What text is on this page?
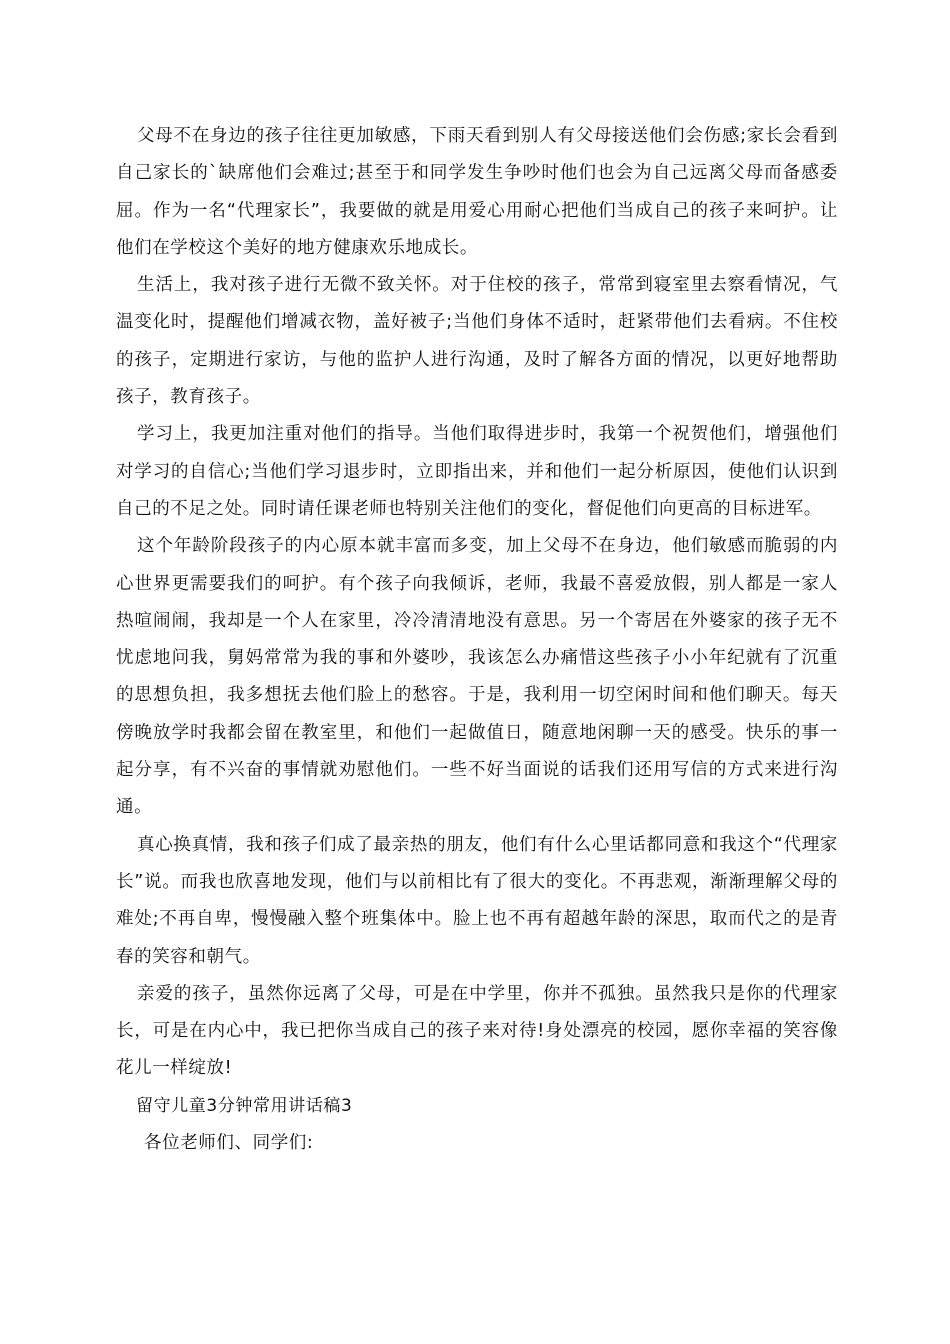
父母不在身边的孩子往往更加敏感，下雨天看到别人有父母接送他们会伤感;家长会看到自己家长的`缺席他们会难过;甚至于和同学发生争吵时他们也会为自己远离父母而备感委屈。作为一名“代理家长”，我要做的就是用爱心用耐心把他们当成自己的孩子来呵护。让他们在学校这个美好的地方健康欢乐地成长。

生活上，我对孩子进行无微不致关怀。对于住校的孩子，常常到寝室里去察看情况，气温变化时，提醒他们增减衣物，盖好被子;当他们身体不适时，赶紧带他们去看病。不住校的孩子，定期进行家访，与他的监护人进行沟通，及时了解各方面的情况，以更好地帮助孩子，教育孩子。

学习上，我更加注重对他们的指导。当他们取得进步时，我第一个祝贺他们，增强他们对学习的自信心;当他们学习退步时，立即指出来，并和他们一起分析原因，使他们认识到自己的不足之处。同时请任课老师也特别关注他们的变化，督促他们向更高的目标进军。

这个年龄阶段孩子的内心原本就丰富而多变，加上父母不在身边，他们敏感而脆弱的内心世界更需要我们的呵护。有个孩子向我倾诉，老师，我最不喜爱放假，别人都是一家人热喧闹闹，我却是一个人在家里，冷冷清清地没有意思。另一个寄居在外婆家的孩子无不忧虑地问我，舅妈常常为我的事和外婆吵，我该怎么办痛惜这些孩子小小年纪就有了沉重的思想负担，我多想抚去他们脸上的愁容。于是，我利用一切空闲时间和他们聊天。每天傍晚放学时我都会留在教室里，和他们一起做值日，随意地闲聊一天的感受。快乐的事一起分享，有不兴奋的事情就劝慰他们。一些不好当面说的话我们还用写信的方式来进行沟通。

真心换真情，我和孩子们成了最亲热的朋友，他们有什么心里话都同意和我这个“代理家长”说。而我也欣喜地发现，他们与以前相比有了很大的变化。不再悲观，渐渐理解父母的难处;不再自卑，慢慢融入整个班集体中。脸上也不再有超越年龄的深思，取而代之的是青春的笑容和朝气。

亲爱的孩子，虽然你远离了父母，可是在中学里，你并不孤独。虽然我只是你的代理家长，可是在内心中，我已把你当成自己的孩子来对待!身处漂亮的校园，愿你幸福的笑容像花儿一样绽放!

留守儿童3分钟常用讲话稿3

各位老师们、同学们:
